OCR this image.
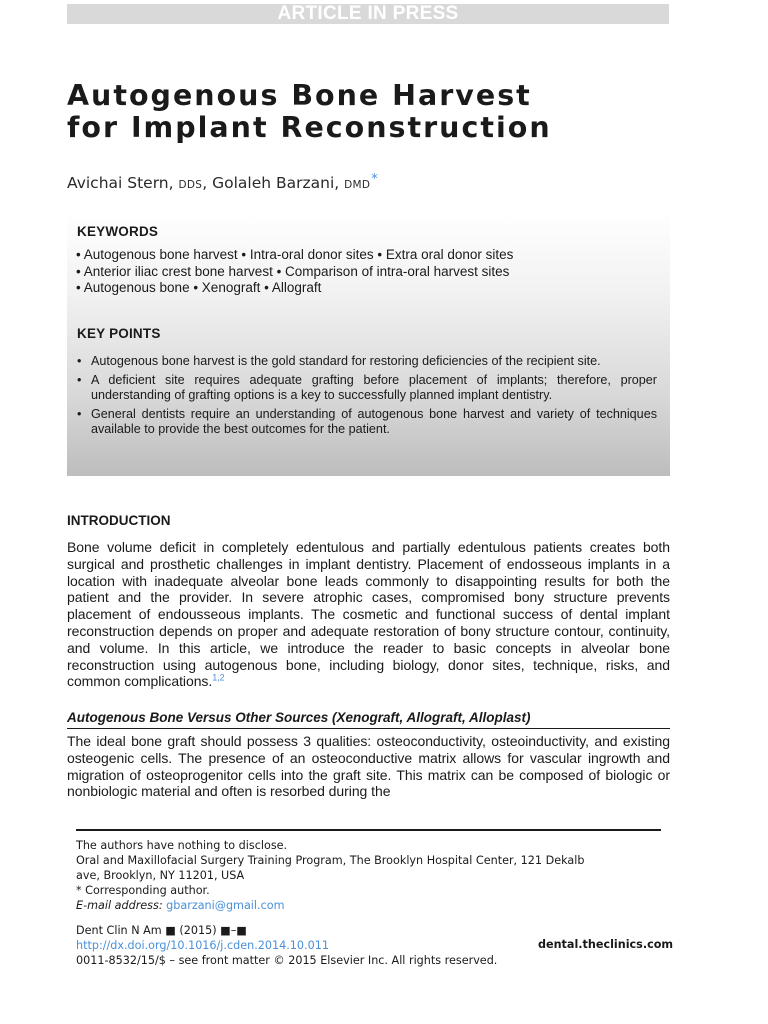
ARTICLE IN PRESS
Autogenous Bone Harvest
for Implant Reconstruction
Avichai Stern, DDS, Golaleh Barzani, DMD*
KEYWORDS
• Autogenous bone harvest • Intra-oral donor sites • Extra oral donor sites
• Anterior iliac crest bone harvest • Comparison of intra-oral harvest sites
• Autogenous bone • Xenograft • Allograft
KEY POINTS
• Autogenous bone harvest is the gold standard for restoring deficiencies of the recipient site.
• A deficient site requires adequate grafting before placement of implants; therefore, proper understanding of grafting options is a key to successfully planned implant dentistry.
• General dentists require an understanding of autogenous bone harvest and variety of techniques available to provide the best outcomes for the patient.
INTRODUCTION

Bone volume deficit in completely edentulous and partially edentulous patients creates both surgical and prosthetic challenges in implant dentistry. Placement of endosseous implants in a location with inadequate alveolar bone leads commonly to disappointing results for both the patient and the provider. In severe atrophic cases, compromised bony structure prevents placement of endousseous implants. The cosmetic and functional success of dental implant reconstruction depends on proper and adequate restoration of bony structure contour, continuity, and volume. In this article, we introduce the reader to basic concepts in alveolar bone reconstruction using autogenous bone, including biology, donor sites, technique, risks, and common complications.$^{1,2}$

Autogenous Bone Versus Other Sources (Xenograft, Allograft, Alloplast)

The ideal bone graft should possess 3 qualities: osteoconductivity, osteoinductivity, and existing osteogenic cells. The presence of an osteoconductive matrix allows for vascular ingrowth and migration of osteoprogenitor cells into the graft site. This matrix can be composed of biologic or nonbiologic material and often is resorbed during the

The authors have nothing to disclose.
Oral and Maxillofacial Surgery Training Program, The Brooklyn Hospital Center, 121 Dekalb
ave, Brooklyn, NY 11201, USA
* Corresponding author.
E-mail address: gbarzani@gmail.com
Dent Clin N Am ■ (2015) ■–■
http://dx.doi.org/10.1016/j.cden.2014.10.011	dental.theclinics.com
0011-8532/15/$ – see front matter © 2015 Elsevier Inc. All rights reserved.
